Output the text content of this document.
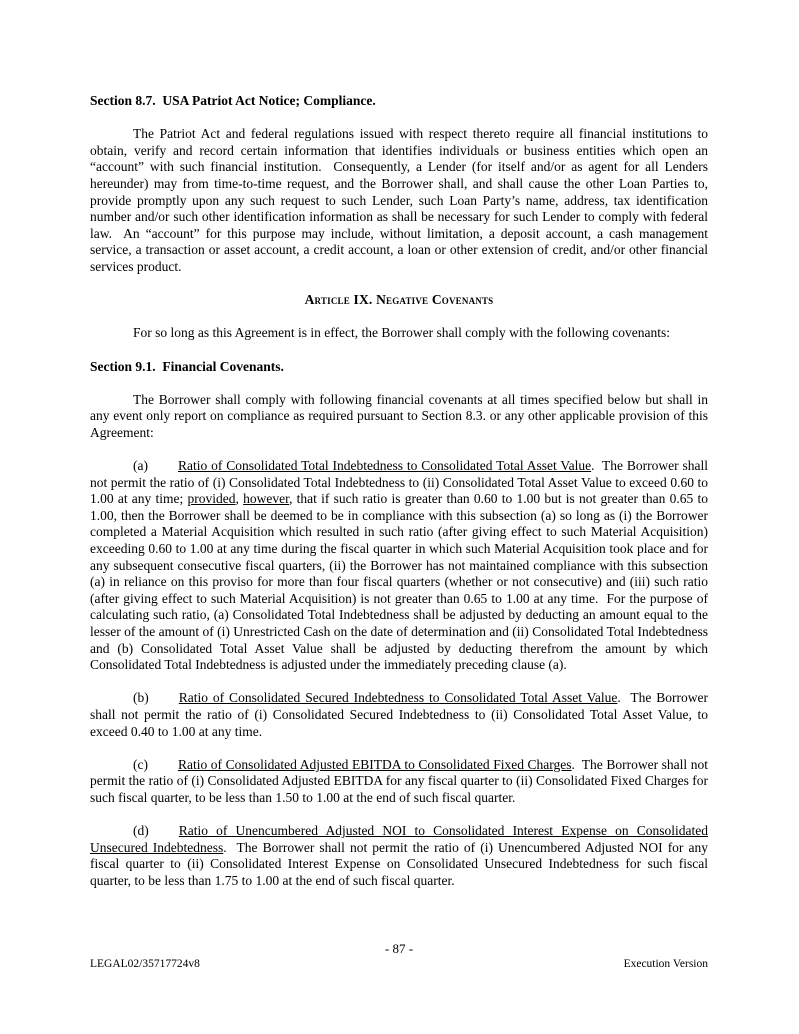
Section 8.7.  USA Patriot Act Notice; Compliance.

The Patriot Act and federal regulations issued with respect thereto require all financial institutions to obtain, verify and record certain information that identifies individuals or business entities which open an “account” with such financial institution.  Consequently, a Lender (for itself and/or as agent for all Lenders hereunder) may from time-to-time request, and the Borrower shall, and shall cause the other Loan Parties to, provide promptly upon any such request to such Lender, such Loan Party’s name, address, tax identification number and/or such other identification information as shall be necessary for such Lender to comply with federal law.  An “account” for this purpose may include, without limitation, a deposit account, a cash management service, a transaction or asset account, a credit account, a loan or other extension of credit, and/or other financial services product.

Article IX. Negative Covenants

For so long as this Agreement is in effect, the Borrower shall comply with the following covenants:

Section 9.1.  Financial Covenants.

The Borrower shall comply with following financial covenants at all times specified below but shall in any event only report on compliance as required pursuant to Section 8.3. or any other applicable provision of this Agreement:

(a) Ratio of Consolidated Total Indebtedness to Consolidated Total Asset Value.  The Borrower shall not permit the ratio of (i) Consolidated Total Indebtedness to (ii) Consolidated Total Asset Value to exceed 0.60 to 1.00 at any time; provided, however, that if such ratio is greater than 0.60 to 1.00 but is not greater than 0.65 to 1.00, then the Borrower shall be deemed to be in compliance with this subsection (a) so long as (i) the Borrower completed a Material Acquisition which resulted in such ratio (after giving effect to such Material Acquisition) exceeding 0.60 to 1.00 at any time during the fiscal quarter in which such Material Acquisition took place and for any subsequent consecutive fiscal quarters, (ii) the Borrower has not maintained compliance with this subsection (a) in reliance on this proviso for more than four fiscal quarters (whether or not consecutive) and (iii) such ratio (after giving effect to such Material Acquisition) is not greater than 0.65 to 1.00 at any time.  For the purpose of calculating such ratio, (a) Consolidated Total Indebtedness shall be adjusted by deducting an amount equal to the lesser of the amount of (i) Unrestricted Cash on the date of determination and (ii) Consolidated Total Indebtedness and (b) Consolidated Total Asset Value shall be adjusted by deducting therefrom the amount by which Consolidated Total Indebtedness is adjusted under the immediately preceding clause (a).

(b) Ratio of Consolidated Secured Indebtedness to Consolidated Total Asset Value.  The Borrower shall not permit the ratio of (i) Consolidated Secured Indebtedness to (ii) Consolidated Total Asset Value, to exceed 0.40 to 1.00 at any time.

(c) Ratio of Consolidated Adjusted EBITDA to Consolidated Fixed Charges.  The Borrower shall not permit the ratio of (i) Consolidated Adjusted EBITDA for any fiscal quarter to (ii) Consolidated Fixed Charges for such fiscal quarter, to be less than 1.50 to 1.00 at the end of such fiscal quarter.

(d) Ratio of Unencumbered Adjusted NOI to Consolidated Interest Expense on Consolidated Unsecured Indebtedness.  The Borrower shall not permit the ratio of (i) Unencumbered Adjusted NOI for any fiscal quarter to (ii) Consolidated Interest Expense on Consolidated Unsecured Indebtedness for such fiscal quarter, to be less than 1.75 to 1.00 at the end of such fiscal quarter.

- 87 -
LEGAL02/35717724v8	Execution Version
